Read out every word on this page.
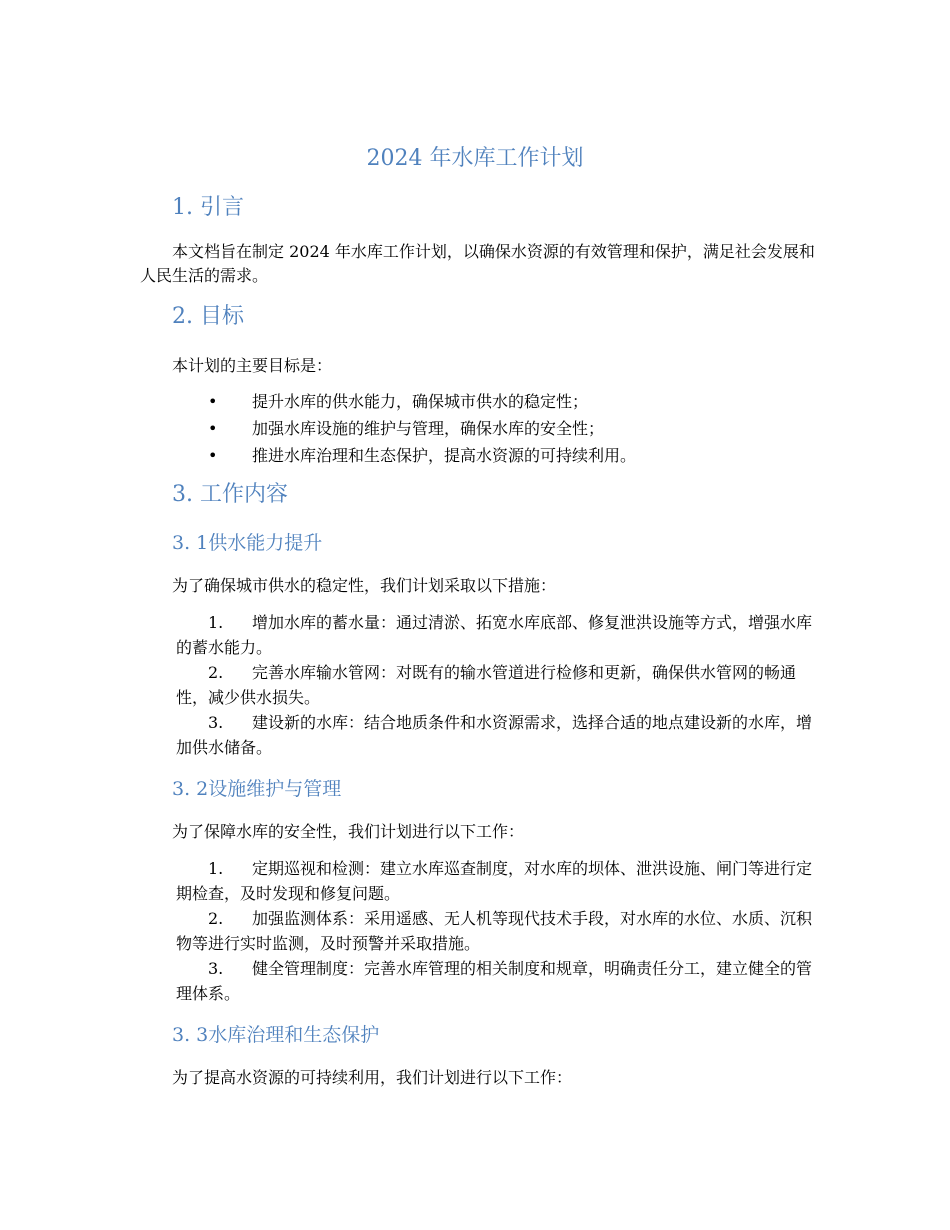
2024 年水库工作计划
1. 引言
本文档旨在制定 2024 年水库工作计划，以确保水资源的有效管理和保护，满足社会发展和人民生活的需求。
2. 目标
本计划的主要目标是：
• 提升水库的供水能力，确保城市供水的稳定性；
• 加强水库设施的维护与管理，确保水库的安全性；
• 推进水库治理和生态保护，提高水资源的可持续利用。
3. 工作内容
3. 1供水能力提升
为了确保城市供水的稳定性，我们计划采取以下措施：
1. 增加水库的蓄水量：通过清淤、拓宽水库底部、修复泄洪设施等方式，增强水库的蓄水能力。
2. 完善水库输水管网：对既有的输水管道进行检修和更新，确保供水管网的畅通性，减少供水损失。
3. 建设新的水库：结合地质条件和水资源需求，选择合适的地点建设新的水库，增加供水储备。
3. 2设施维护与管理
为了保障水库的安全性，我们计划进行以下工作：
1. 定期巡视和检测：建立水库巡查制度，对水库的坝体、泄洪设施、闸门等进行定期检查，及时发现和修复问题。
2. 加强监测体系：采用遥感、无人机等现代技术手段，对水库的水位、水质、沉积物等进行实时监测，及时预警并采取措施。
3. 健全管理制度：完善水库管理的相关制度和规章，明确责任分工，建立健全的管理体系。
3. 3水库治理和生态保护
为了提高水资源的可持续利用，我们计划进行以下工作：
